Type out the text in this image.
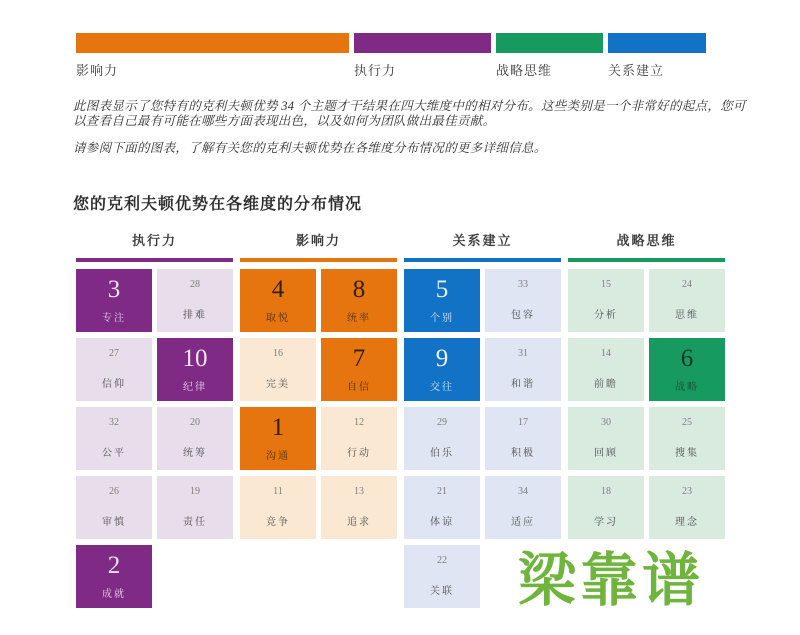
影响力	执行力	战略思维	关系建立

此图表显示了您特有的克利夫顿优势 34 个主题才干结果在四大维度中的相对分布。这些类别是一个非常好的起点，您可以查看自己最有可能在哪些方面表现出色，以及如何为团队做出最佳贡献。

请参阅下面的图表，了解有关您的克利夫顿优势在各维度分布情况的更多详细信息。

您的克利夫顿优势在各维度的分布情况
执行力
3
专注
28
排难
27
信仰
10
纪律
32
公平
20
统筹
26
审慎
19
责任
2
成就
影响力
4
取悦
8
统率
16
完美
7
自信
1
沟通
12
行动
11
竞争
13
追求
关系建立
5
个别
33
包容
9
交往
31
和谐
29
伯乐
17
积极
21
体谅
34
适应
22
关联
战略思维
15
分析
24
思维
14
前瞻
6
战略
30
回顾
25
搜集
18
学习
23
理念
梁靠谱
